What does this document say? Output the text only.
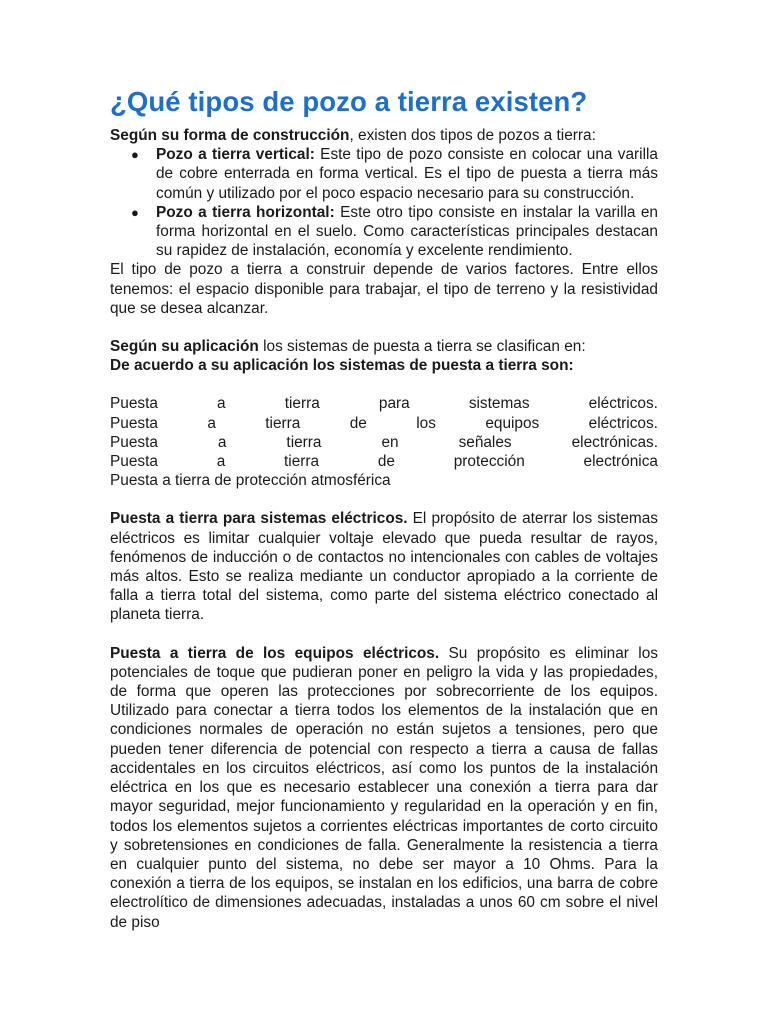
¿Qué tipos de pozo a tierra existen?

Según su forma de construcción, existen dos tipos de pozos a tierra:

● Pozo a tierra vertical: Este tipo de pozo consiste en colocar una varilla de cobre enterrada en forma vertical. Es el tipo de puesta a tierra más común y utilizado por el poco espacio necesario para su construcción.
● Pozo a tierra horizontal: Este otro tipo consiste en instalar la varilla en forma horizontal en el suelo. Como características principales destacan su rapidez de instalación, economía y excelente rendimiento.

El tipo de pozo a tierra a construir depende de varios factores. Entre ellos tenemos: el espacio disponible para trabajar, el tipo de terreno y la resistividad que se desea alcanzar.

Según su aplicación los sistemas de puesta a tierra se clasifican en:

De acuerdo a su aplicación los sistemas de puesta a tierra son:

Puesta	a	tierra	para	sistemas	eléctricos.
Puesta	a	tierra	de	los	equipos	eléctricos.
Puesta	a	tierra	en	señales	electrónicas.
Puesta	a	tierra	de	protección	electrónica
Puesta a tierra de protección atmosférica

Puesta a tierra para sistemas eléctricos. El propósito de aterrar los sistemas eléctricos es limitar cualquier voltaje elevado que pueda resultar de rayos, fenómenos de inducción o de contactos no intencionales con cables de voltajes más altos. Esto se realiza mediante un conductor apropiado a la corriente de falla a tierra total del sistema, como parte del sistema eléctrico conectado al planeta tierra.

Puesta a tierra de los equipos eléctricos. Su propósito es eliminar los potenciales de toque que pudieran poner en peligro la vida y las propiedades, de forma que operen las protecciones por sobrecorriente de los equipos. Utilizado para conectar a tierra todos los elementos de la instalación que en condiciones normales de operación no están sujetos a tensiones, pero que pueden tener diferencia de potencial con respecto a tierra a causa de fallas accidentales en los circuitos eléctricos, así como los puntos de la instalación eléctrica en los que es necesario establecer una conexión a tierra para dar mayor seguridad, mejor funcionamiento y regularidad en la operación y en fin, todos los elementos sujetos a corrientes eléctricas importantes de corto circuito y sobretensiones en condiciones de falla. Generalmente la resistencia a tierra en cualquier punto del sistema, no debe ser mayor a 10 Ohms. Para la conexión a tierra de los equipos, se instalan en los edificios, una barra de cobre electrolítico de dimensiones adecuadas, instaladas a unos 60 cm sobre el nivel de piso
